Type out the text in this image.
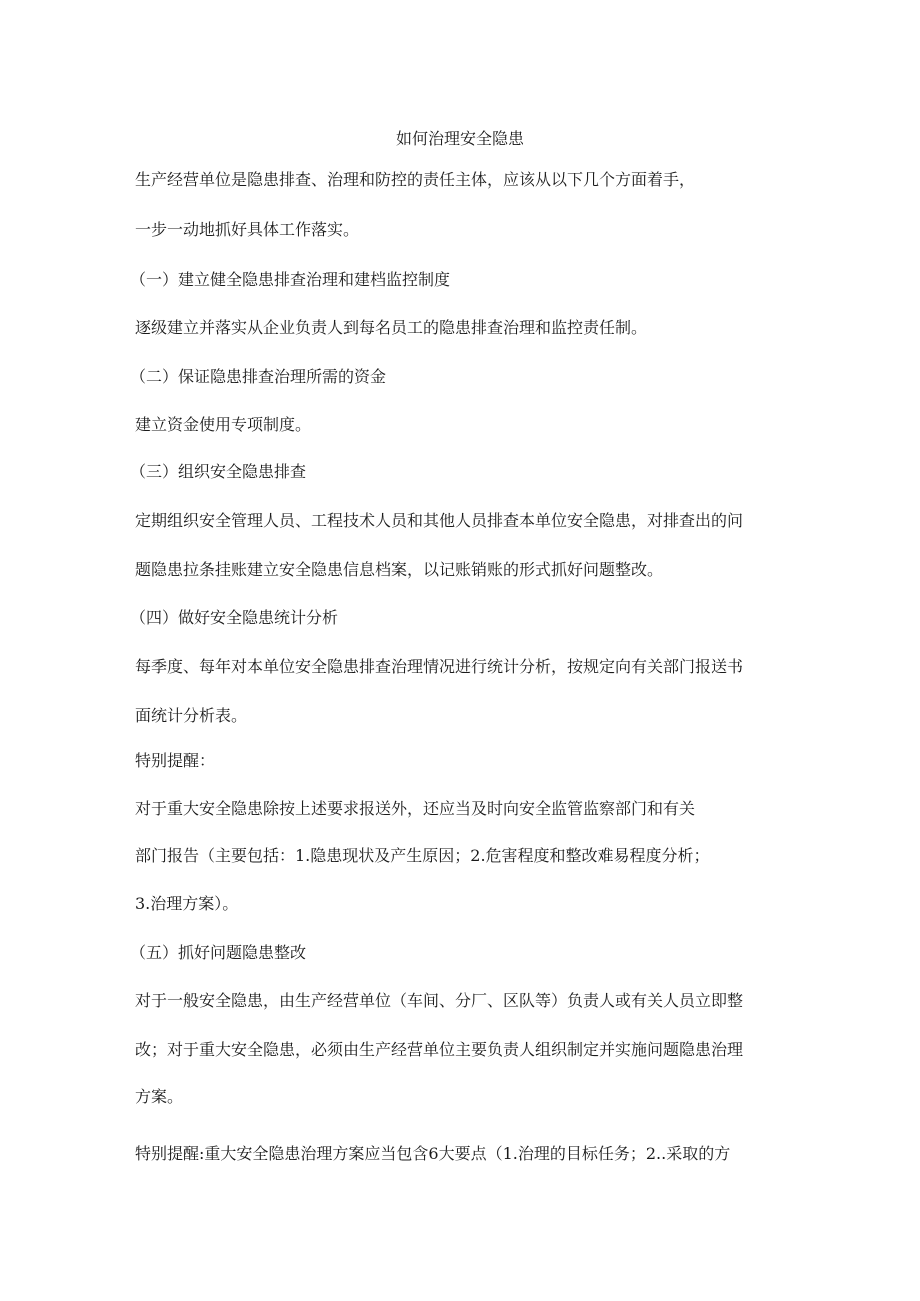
如何治理安全隐患
生产经营单位是隐患排查、治理和防控的责任主体，应该从以下几个方面着手，
一步一动地抓好具体工作落实。
（一）建立健全隐患排查治理和建档监控制度
逐级建立并落实从企业负责人到每名员工的隐患排查治理和监控责任制。
（二）保证隐患排查治理所需的资金
建立资金使用专项制度。
（三）组织安全隐患排查
定期组织安全管理人员、工程技术人员和其他人员排查本单位安全隐患，对排查出的问
题隐患拉条挂账建立安全隐患信息档案，以记账销账的形式抓好问题整改。
（四）做好安全隐患统计分析
每季度、每年对本单位安全隐患排查治理情况进行统计分析，按规定向有关部门报送书
面统计分析表。
特别提醒：
对于重大安全隐患除按上述要求报送外，还应当及时向安全监管监察部门和有关
部门报告（主要包括：1.隐患现状及产生原因；2.危害程度和整改难易程度分析；
3.治理方案）。
（五）抓好问题隐患整改
对于一般安全隐患，由生产经营单位（车间、分厂、区队等）负责人或有关人员立即整
改；对于重大安全隐患，必须由生产经营单位主要负责人组织制定并实施问题隐患治理
方案。
特别提醒:重大安全隐患治理方案应当包含6大要点（1.治理的目标任务；2..采取的方
